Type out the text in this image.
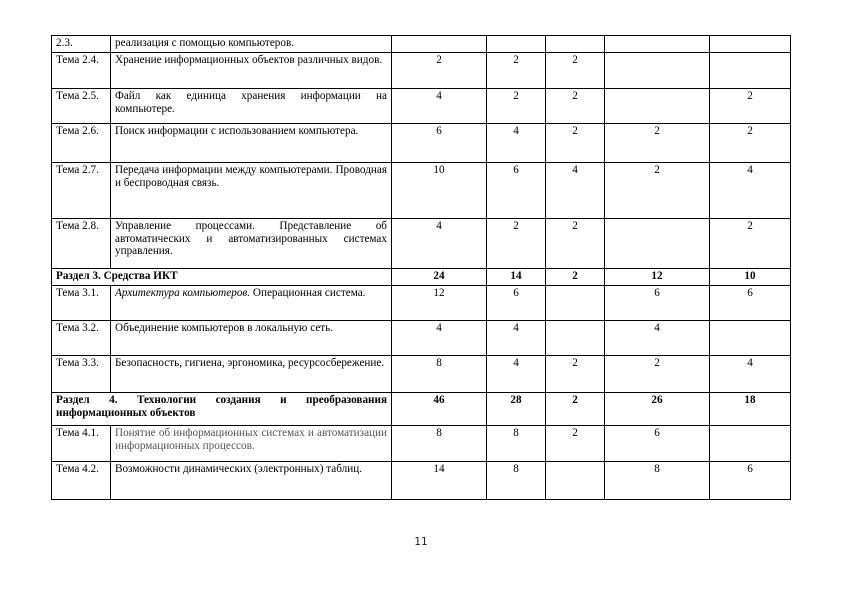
2.3.	реализация с помощью компьютеров.					
Тема 2.4.	Хранение информационных объектов различных видов.	2	2	2		
Тема 2.5.	Файл как единица хранения информации на компьютере.	4	2	2		2
Тема 2.6.	Поиск информации с использованием компьютера.	6	4	2	2	2
Тема 2.7.	Передача информации между компьютерами. Проводная и беспроводная связь.	10	6	4	2	4
Тема 2.8.	Управление процессами. Представление об автоматических и автоматизированных системах управления.	4	2	2		2
Раздел 3. Средства ИКТ		24	14	2	12	10
Тема 3.1.	Архитектура компьютеров. Операционная система.	12	6		6	6
Тема 3.2.	Объединение компьютеров в локальную сеть.	4	4		4	
Тема 3.3.	Безопасность, гигиена, эргономика, ресурсосбережение.	8	4	2	2	4
Раздел 4. Технологии создания и преобразования информационных объектов		46	28	2	26	18
Тема 4.1.	Понятие об информационных системах и автоматизации информационных процессов.	8	8	2	6	
Тема 4.2.	Возможности динамических (электронных) таблиц.	14	8		8	6
11
